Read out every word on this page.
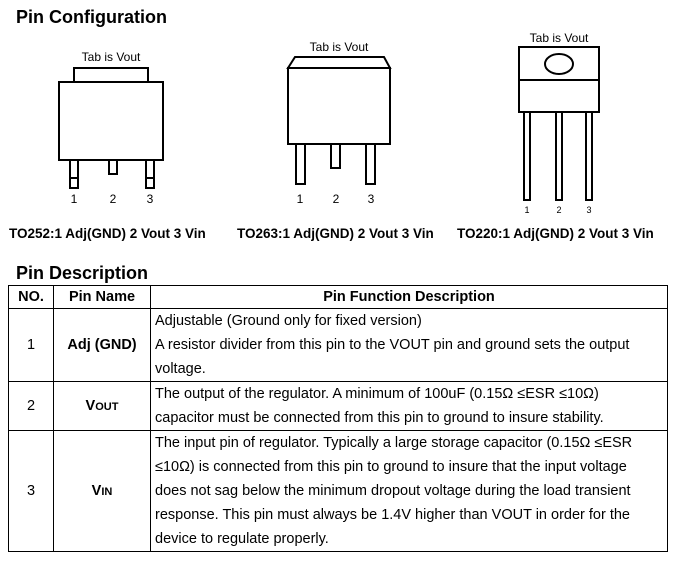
Pin Configuration
Tab is Vout
1	2	3
Tab is Vout
1 2 3
Tab is Vout
1	2	3
TO252:1 Adj(GND) 2 Vout 3 Vin TO263:1 Adj(GND) 2 Vout 3 Vin TO220:1 Adj(GND) 2 Vout 3 Vin
Pin Description
NO.	Pin Name	Pin Function Description
1	Adj (GND)	Adjustable (Ground only for fixed version)
A resistor divider from this pin to the VOUT pin and ground sets the output
voltage.

2	VOUT	The output of the regulator. A minimum of 100uF (0.15Ω ≤ESR ≤10Ω)
capacitor must be connected from this pin to ground to insure stability.

3	VIN	The input pin of regulator. Typically a large storage capacitor (0.15Ω ≤ESR
≤10Ω) is connected from this pin to ground to insure that the input voltage
does not sag below the minimum dropout voltage during the load transient
response. This pin must always be 1.4V higher than VOUT in order for the
device to regulate properly.
